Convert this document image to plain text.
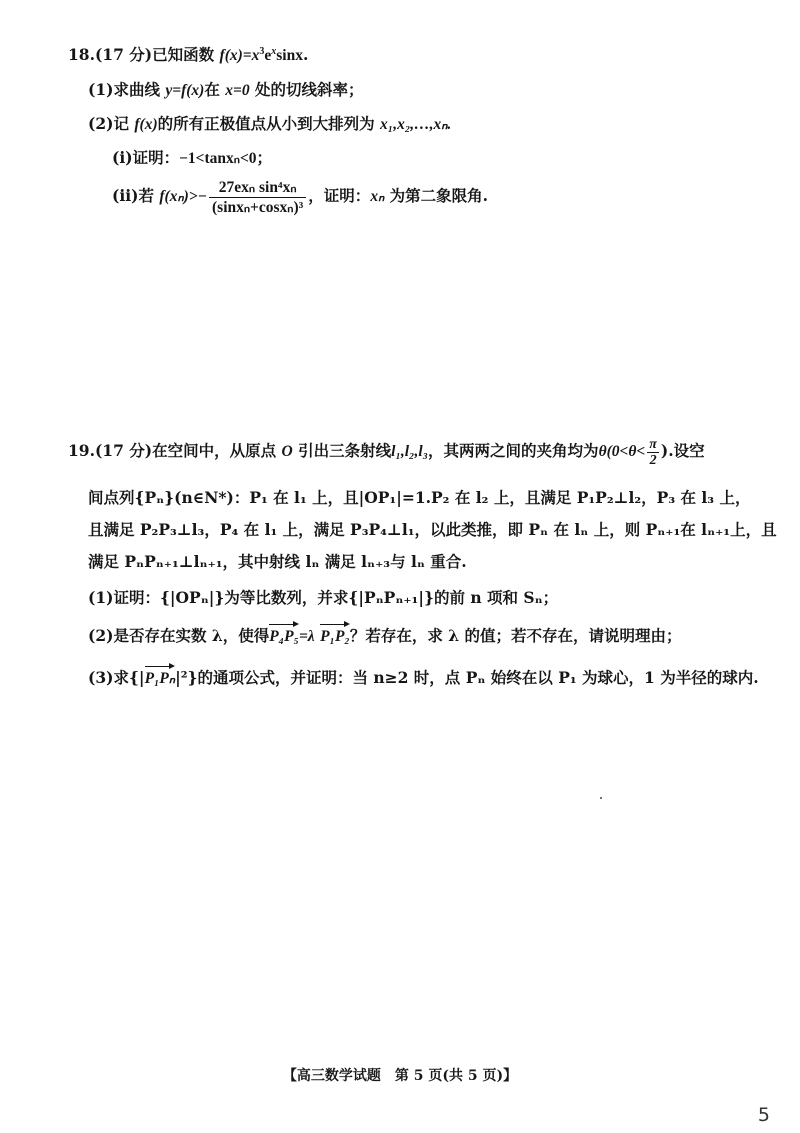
18.(17 分)已知函数 $f(x)=x^3e^x\sin x$.
(1)求曲线 y=f(x)在 x=0 处的切线斜率；
(2)记 f(x)的所有正极值点从小到大排列为 x₁,x₂,…,xₙ.
(i)证明：−1<tanxₙ<0；
(ii)若 $f(x_n)>- \frac{\text{27exₙ sin⁴xₙ}}{\text{(sinxₙ+cosxₙ)³}}$ ，证明：xₙ 为第二象限角.
19.(17 分)在空间中，从原点 O 引出三条射线l₁,l₂,l₃，其两两之间的夹角均为$\theta(0<\theta< \frac{\pi}{2}$ ).设空
间点列{Pₙ}(n∈N*)：P₁ 在 l₁ 上，且|OP₁|=1.P₂ 在 l₂ 上，且满足 P₁P₂⊥l₂，P₃ 在 l₃ 上，
且满足 P₂P₃⊥l₃，P₄ 在 l₁ 上，满足 P₃P₄⊥l₁，以此类推，即 Pₙ 在 lₙ 上，则 Pₙ₊₁在 lₙ₊₁上，且
满足 PₙPₙ₊₁⊥lₙ₊₁，其中射线 lₙ 满足 lₙ₊₃与 lₙ 重合.
(1)证明：{|OPₙ|}为等比数列，并求{|PₙPₙ₊₁|}的前 n 项和 Sₙ；
(2)是否存在实数 λ，使得P₄P₅=λ P₁P₂？若存在，求 λ 的值；若不存在，请说明理由；
(3)求{|P₁Pₙ|²}的通项公式，并证明：当 n≥2 时，点 Pₙ 始终在以 P₁ 为球心，1 为半径的球内.
【高三数学试题　第 5 页(共 5 页)】
5
